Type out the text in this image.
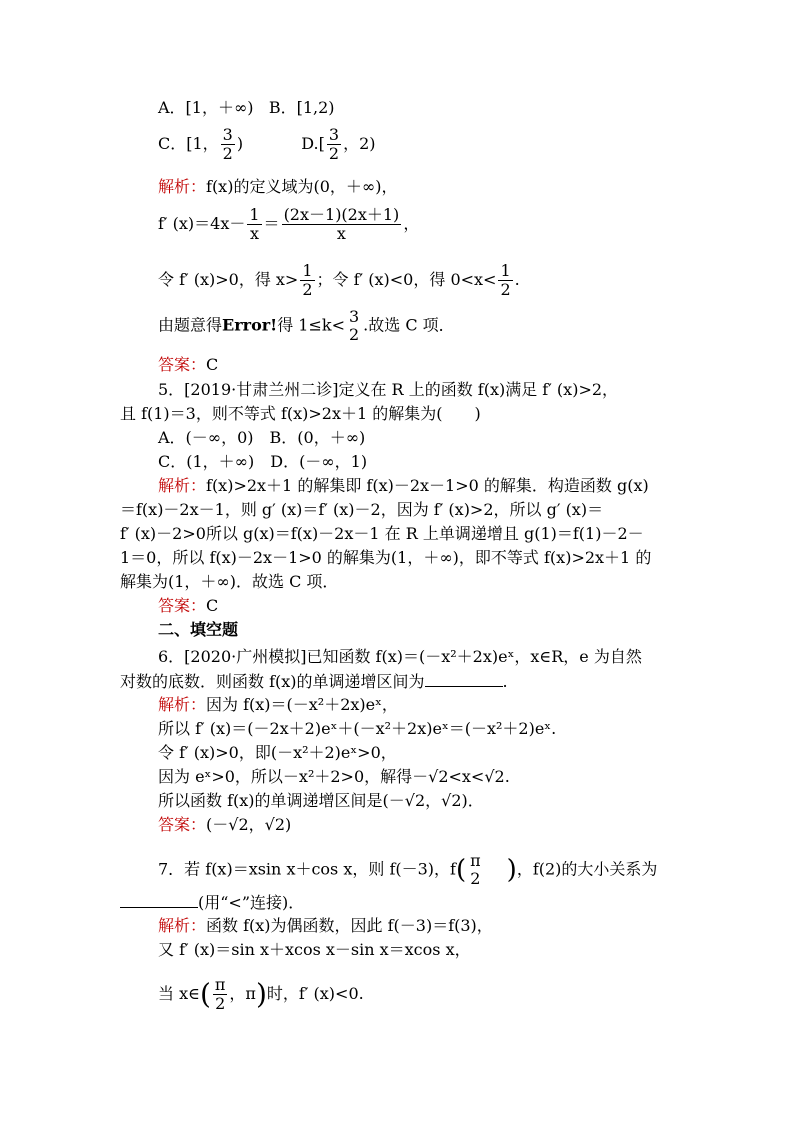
A．[1，＋∞) B．[1,2)
C．[1， $\frac{3}{2}$ )	$D.[ \frac{3}{2}$ ，2)
解析：f(x)的定义域为(0，＋∞)，
f′ $(x)=4x- \frac{1}{x} = \frac{(2x-1)(2x+1)}{x}$ ，
令 f′ (x)>0，得 $x> \frac{1}{2}$ ；令 f′ (x)<0，得 $0<x< \frac{1}{2}$ .
由题意得Error!得 1≤k< 3
2 .故选 C 项．
答案：C
5．[2019·甘肃兰州二诊]定义在 R 上的函数 f(x)满足 f′ (x)>2，
且 f(1)＝3，则不等式 f(x)>2x＋1 的解集为(　　)
A．(－∞，0)　B．(0，＋∞)
C．(1，＋∞)　D．(－∞，1)
解析：f(x)>2x＋1 的解集即 f(x)－2x－1>0 的解集．构造函数 g(x)
＝f(x)－2x－1，则 g′ (x)＝f′ (x)－2，因为 f′ (x)>2，所以 g′ (x)＝
f′ (x)－2>0所以 g(x)＝f(x)－2x－1 在 R 上单调递增且 g(1)＝f(1)－2－
1＝0，所以 f(x)－2x－1>0 的解集为(1，＋∞)，即不等式 f(x)>2x＋1 的
解集为(1，＋∞)．故选 C 项．
答案：C
二、填空题
6．[2020·广州模拟]已知函数 f(x)＝(－x²＋2x)eˣ，x∈R，e 为自然
对数的底数．则函数 f(x)的单调递增区间为	.
解析：因为 f(x)＝(－x²＋2x)eˣ，
所以 f′ (x)＝(－2x＋2)eˣ＋(－x²＋2x)eˣ＝(－x²＋2)eˣ.
令 f′ (x)>0，即(－x²＋2)eˣ>0，
因为 eˣ>0，所以－x²＋2>0，解得－√2<x<√2.
所以函数 f(x)的单调递增区间是(－√2，√2)．
答案：(－√2，√2)
7．若 f(x)＝xsin x＋cos x，则 f(－3)，f( π
2 )，f(2)的大小关系为
(用“<”连接)．
解析：函数 f(x)为偶函数，因此 f(－3)＝f(3)，
又 f′ (x)＝sin x＋xcos x－sin x＝xcos x，
当 x∈( $\frac{\pi}{2}$ ，π)时，f′ (x)<0.
